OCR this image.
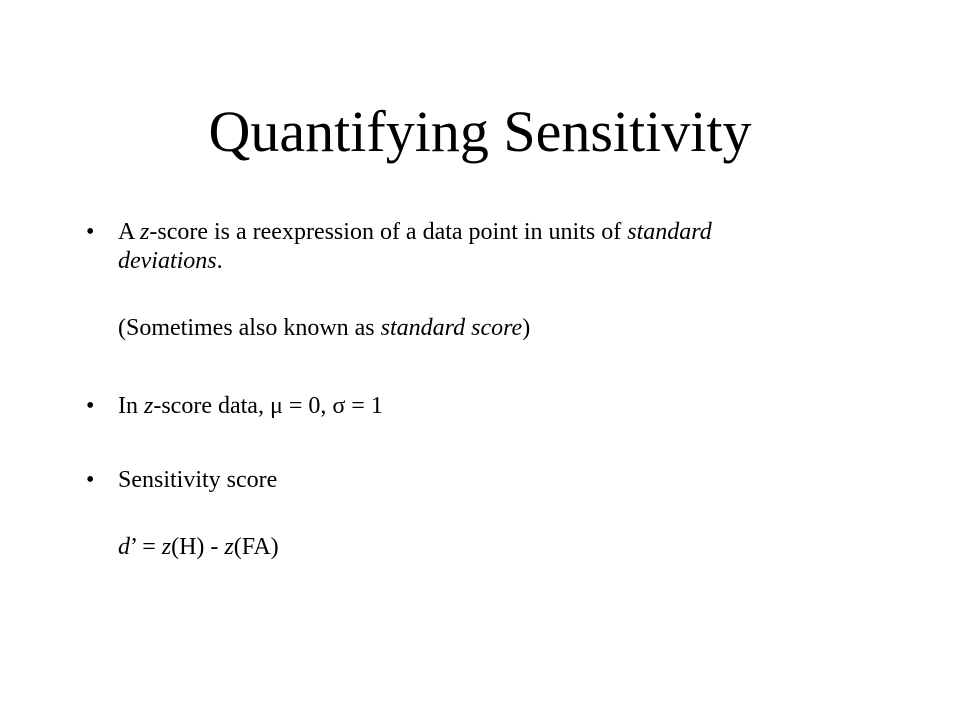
Quantifying Sensitivity
• A z-score is a reexpression of a data point in units of standard
deviations.
(Sometimes also known as standard score)
• In z-score data, μ = 0, σ = 1
• Sensitivity score
d’ = z(H) - z(FA)
